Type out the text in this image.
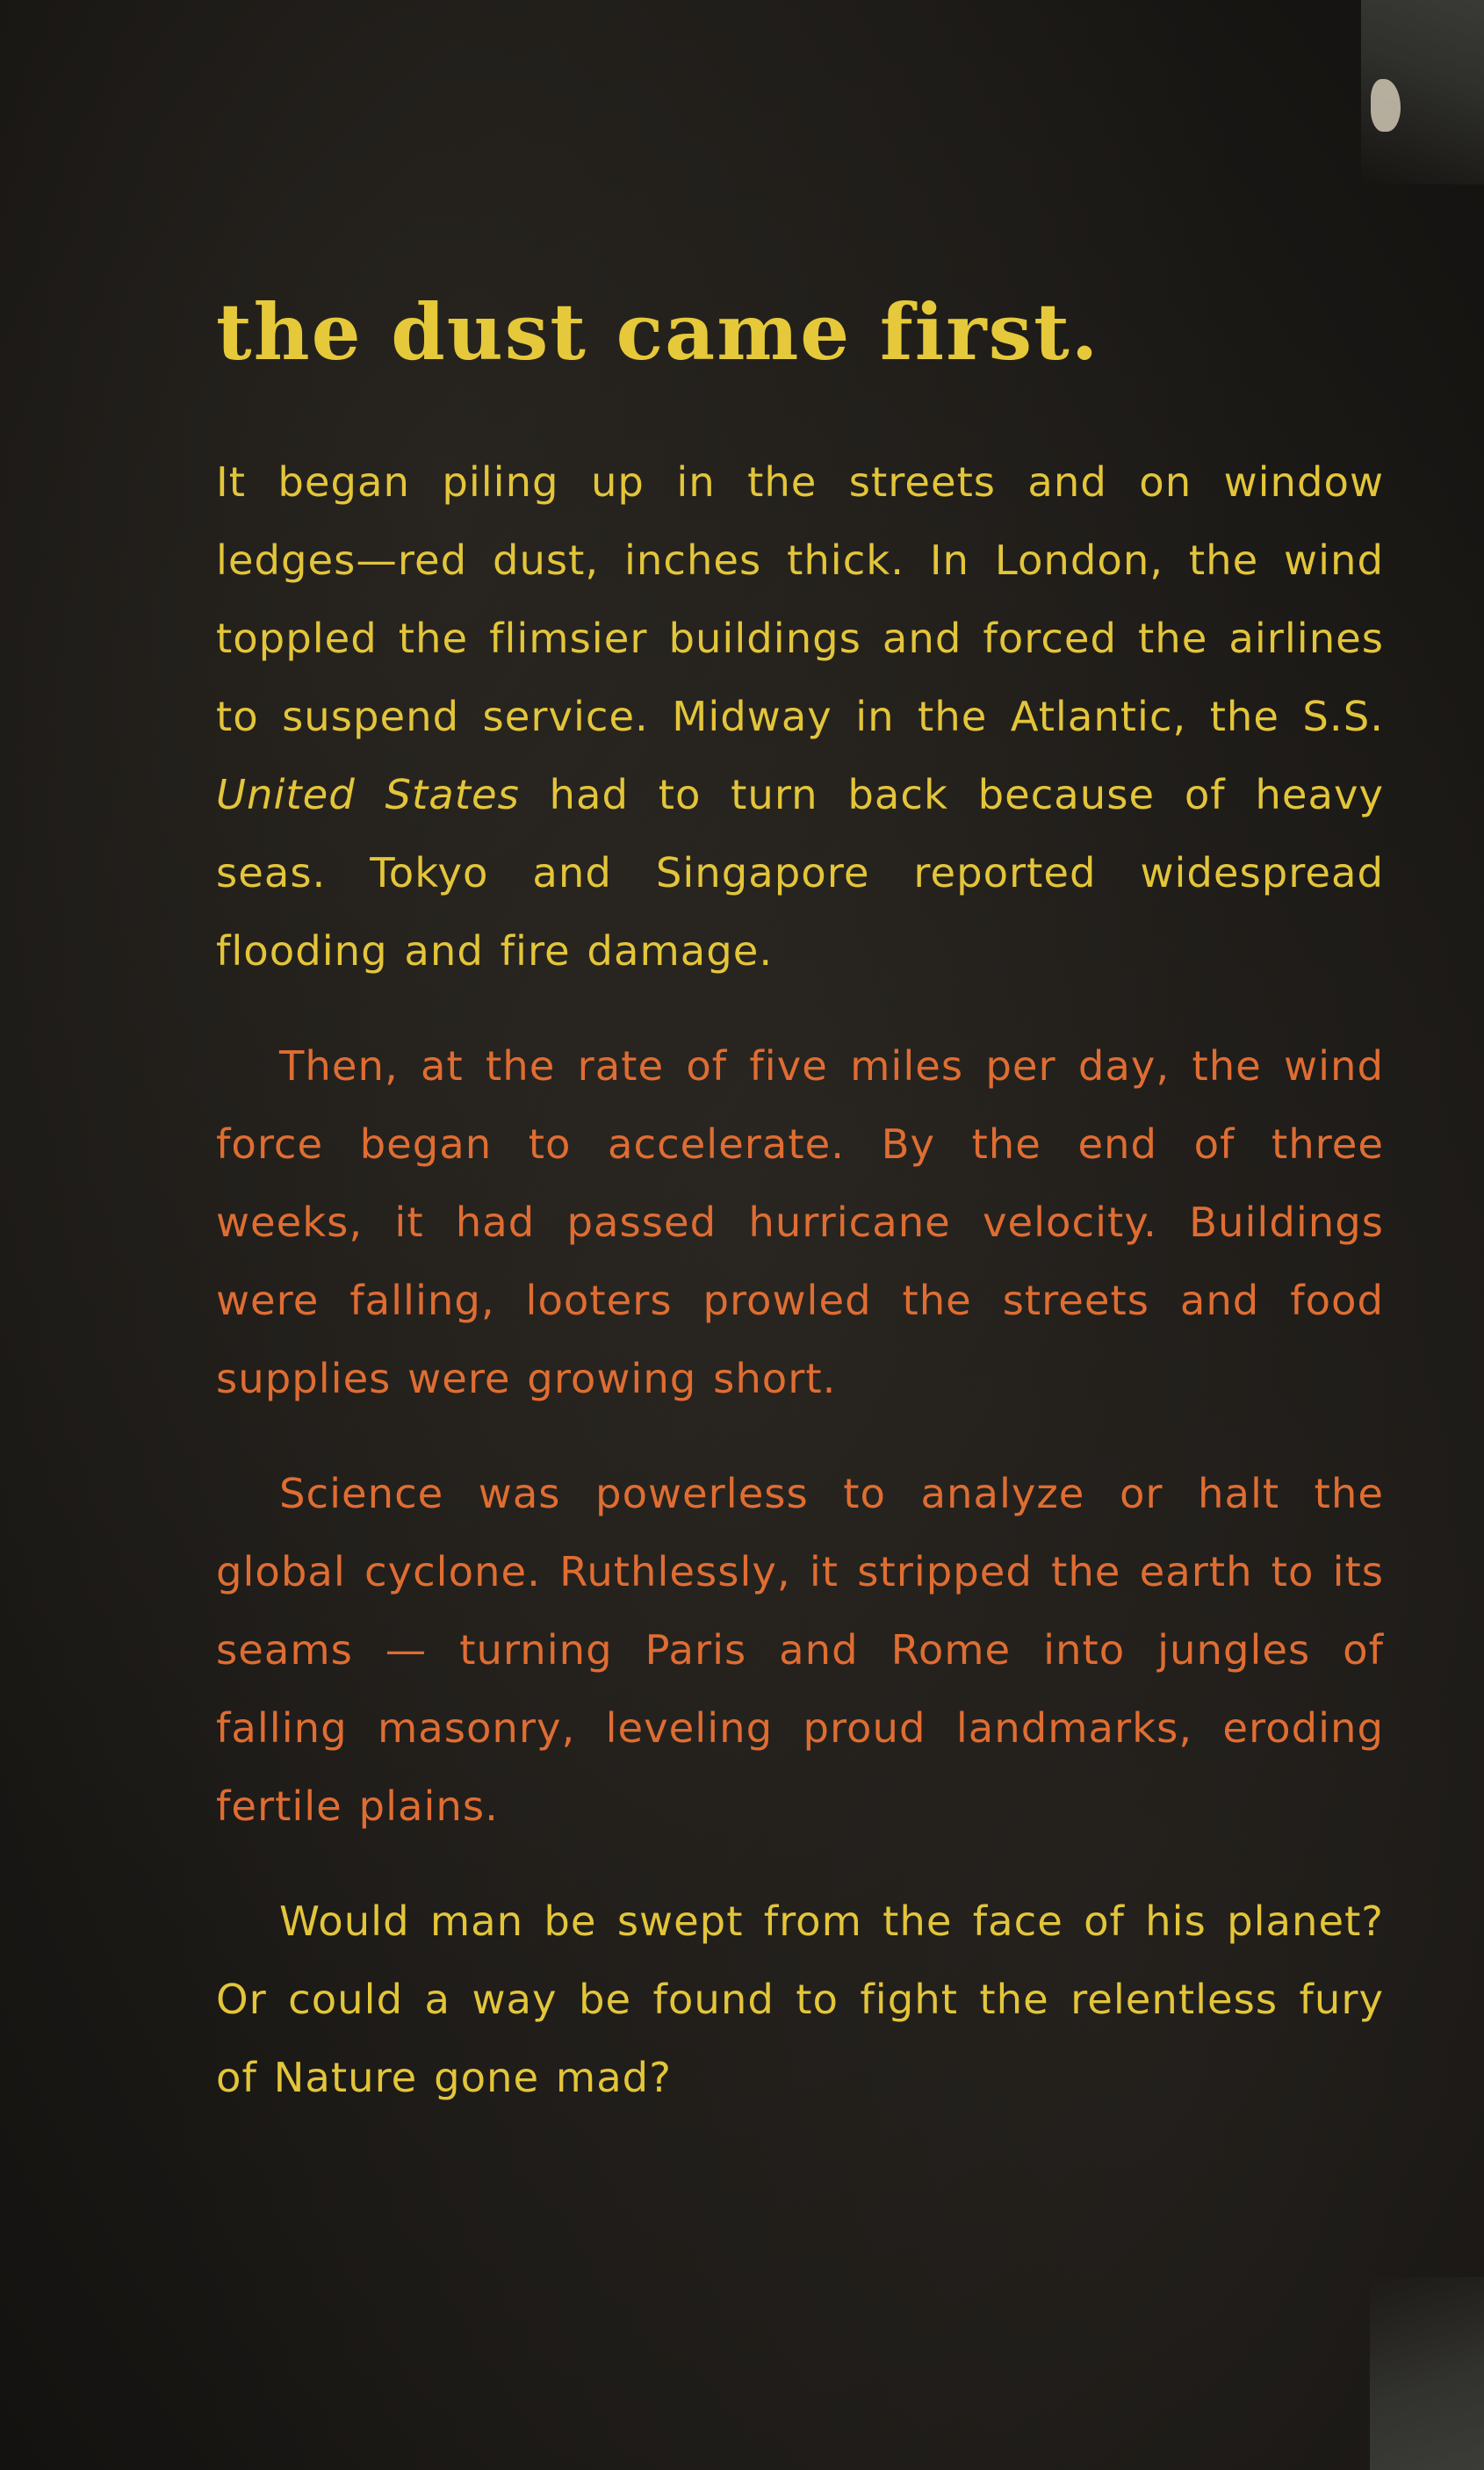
the dust came first.

It began piling up in the streets and on window ledges—red dust, inches thick. In London, the wind toppled the flimsier buildings and forced the airlines to suspend service. Midway in the Atlantic, the S.S. United States had to turn back because of heavy seas. Tokyo and Singapore reported widespread flooding and fire damage.

Then, at the rate of five miles per day, the wind force began to accelerate. By the end of three weeks, it had passed hurricane velocity. Buildings were falling, looters prowled the streets and food supplies were growing short.

Science was powerless to analyze or halt the global cyclone. Ruthlessly, it stripped the earth to its seams — turning Paris and Rome into jungles of falling masonry, leveling proud landmarks, eroding fertile plains.

Would man be swept from the face of his planet? Or could a way be found to fight the relentless fury of Nature gone mad?
